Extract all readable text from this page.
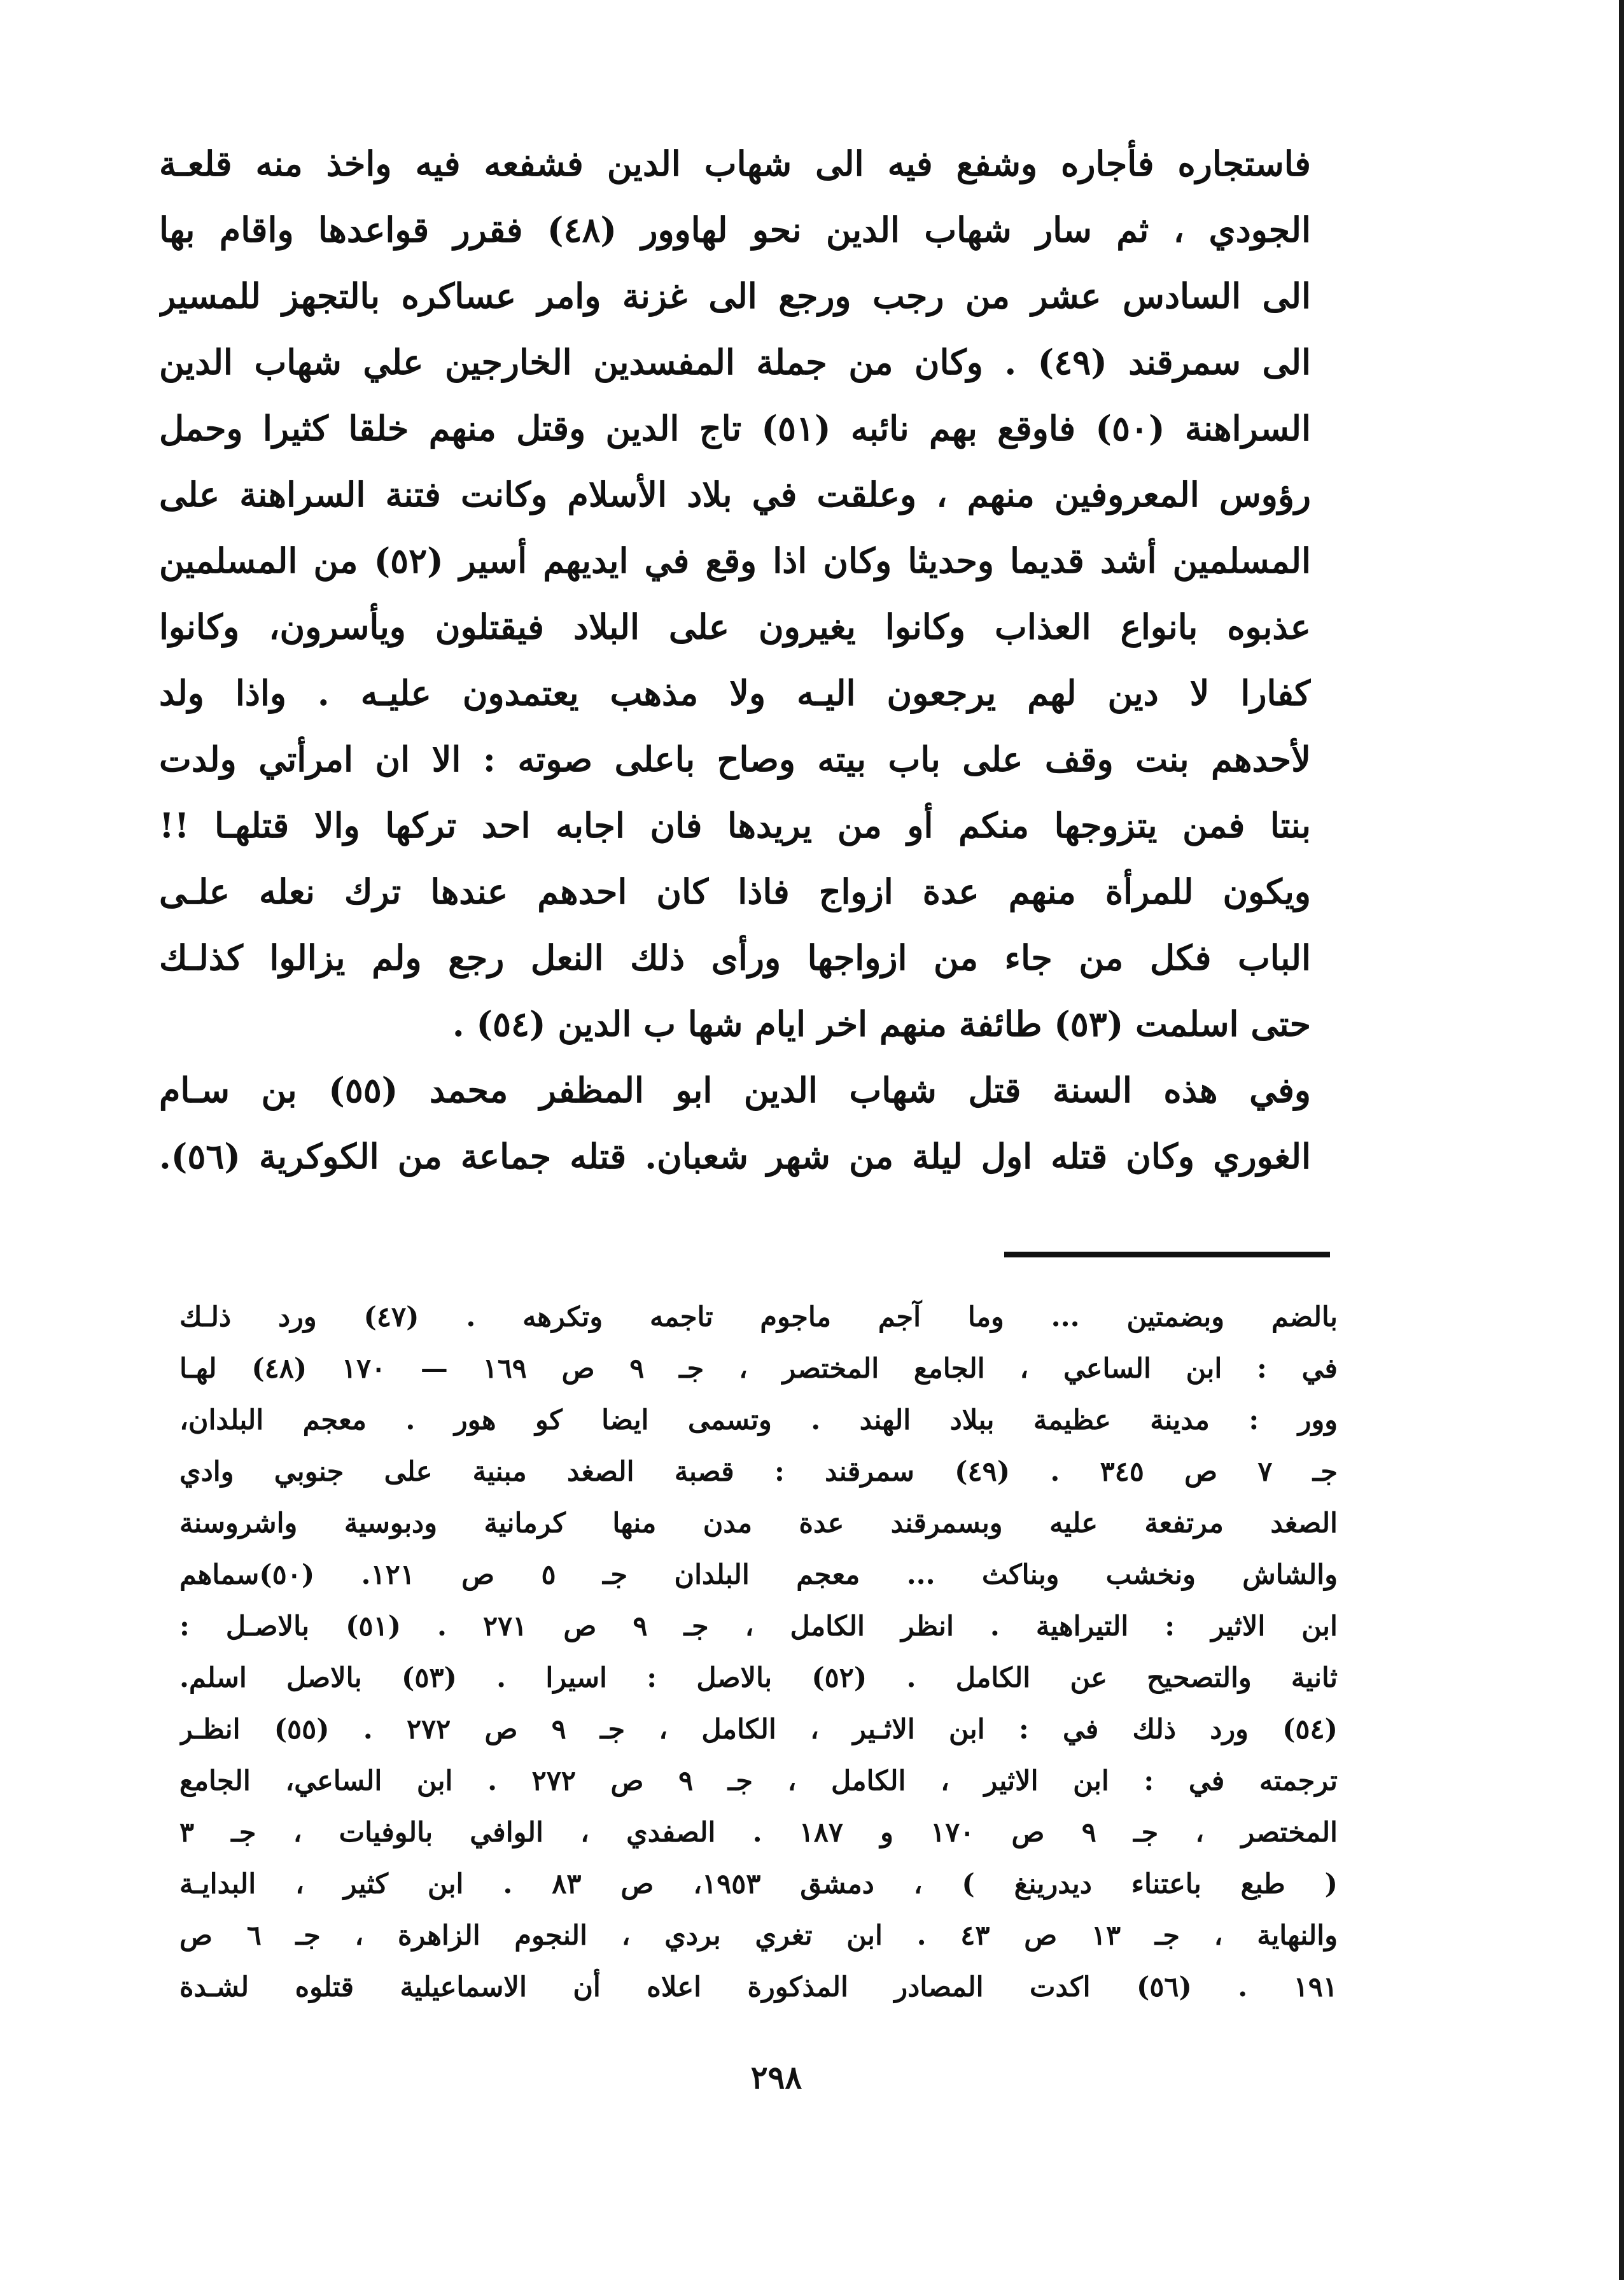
فاستجاره فأجاره وشفع فيه الى شهاب الدين فشفعه فيه واخذ منه قلعـة
الجودي ، ثم سار شهاب الدين نحو لهاوور (٤٨) فقرر قواعدها واقام بها
الى السادس عشر من رجب ورجع الى غزنة وامر عساكره بالتجهز للمسير
الى سمرقند (٤٩) . وكان من جملة المفسدين الخارجين علي شهاب الدين
السراهنة (٥٠) فاوقع بهم نائبه (٥١) تاج الدين وقتل منهم خلقا كثيرا وحمل
رؤوس المعروفين منهم ، وعلقت في بلاد الأسلام وكانت فتنة السراهنة على
المسلمين أشد قديما وحديثا وكان اذا وقع في ايديهم أسير (٥٢) من المسلمين
عذبوه بانواع العذاب وكانوا يغيرون على البلاد فيقتلون ويأسرون، وكانوا
كفارا لا دين لهم يرجعون اليـه ولا مذهب يعتمدون عليـه . واذا ولد
لأحدهم بنت وقف على باب بيته وصاح باعلى صوته : الا ان امرأتي ولدت
بنتا فمن يتزوجها منكم أو من يريدها فان اجابه احد تركها والا قتلهـا !!
ويكون للمرأة منهم عدة ازواج فاذا كان احدهم عندها ترك نعله علـى
الباب فكل من جاء من ازواجها ورأى ذلك النعل رجع ولم يزالوا كذلـك
حتى اسلمت (٥٣) طائفة منهم اخر ايام شها ب الدين (٥٤) .
وفي هذه السنة قتل شهاب الدين ابو المظفر محمد (٥٥) بن سـام
الغوري وكان قتله اول ليلة من شهر شعبان. قتله جماعة من الكوكرية (٥٦).
بالضم وبضمتين ... وما آجم ماجوم تاجمه وتكرهه . (٤٧) ورد ذلـك
في : ابن الساعي ، الجامع المختصر ، جـ ٩ ص ١٦٩ — ١٧٠ (٤٨) لهـا
وور : مدينة عظيمة ببلاد الهند . وتسمى ايضا كو هور . معجم البلدان،
جـ ٧ ص ٣٤٥ . (٤٩) سمرقند : قصبة الصغد مبنية على جنوبي وادي
الصغد مرتفعة عليه وبسمرقند عدة مدن منها كرمانية ودبوسية واشروسنة
والشاش ونخشب وبناكث ... معجم البلدان جـ ٥ ص ١٢١. (٥٠)سماهم
ابن الاثير : التيراهية . انظر الكامل ، جـ ٩ ص ٢٧١ . (٥١) بالاصـل :
ثانية والتصحيح عن الكامل . (٥٢) بالاصل : اسيرا . (٥٣) بالاصل اسلم.
(٥٤) ورد ذلك في : ابن الاثـير ، الكامل ، جـ ٩ ص ٢٧٢ . (٥٥) انظـر
ترجمته في : ابن الاثير ، الكامل ، جـ ٩ ص ٢٧٢ . ابن الساعي، الجامع
المختصر ، جـ ٩ ص ١٧٠ و ١٨٧ . الصفدي ، الوافي بالوفيات ، جـ ٣
( طبع باعتناء ديدرينغ ) ، دمشق ١٩٥٣، ص ٨٣ . ابن كثير ، البدايـة
والنهاية ، جـ ١٣ ص ٤٣ . ابن تغري بردي ، النجوم الزاهرة ، جـ ٦ ص
١٩١ . (٥٦) اكدت المصادر المذكورة اعلاه أن الاسماعيلية قتلوه لشـدة
٢٩٨
